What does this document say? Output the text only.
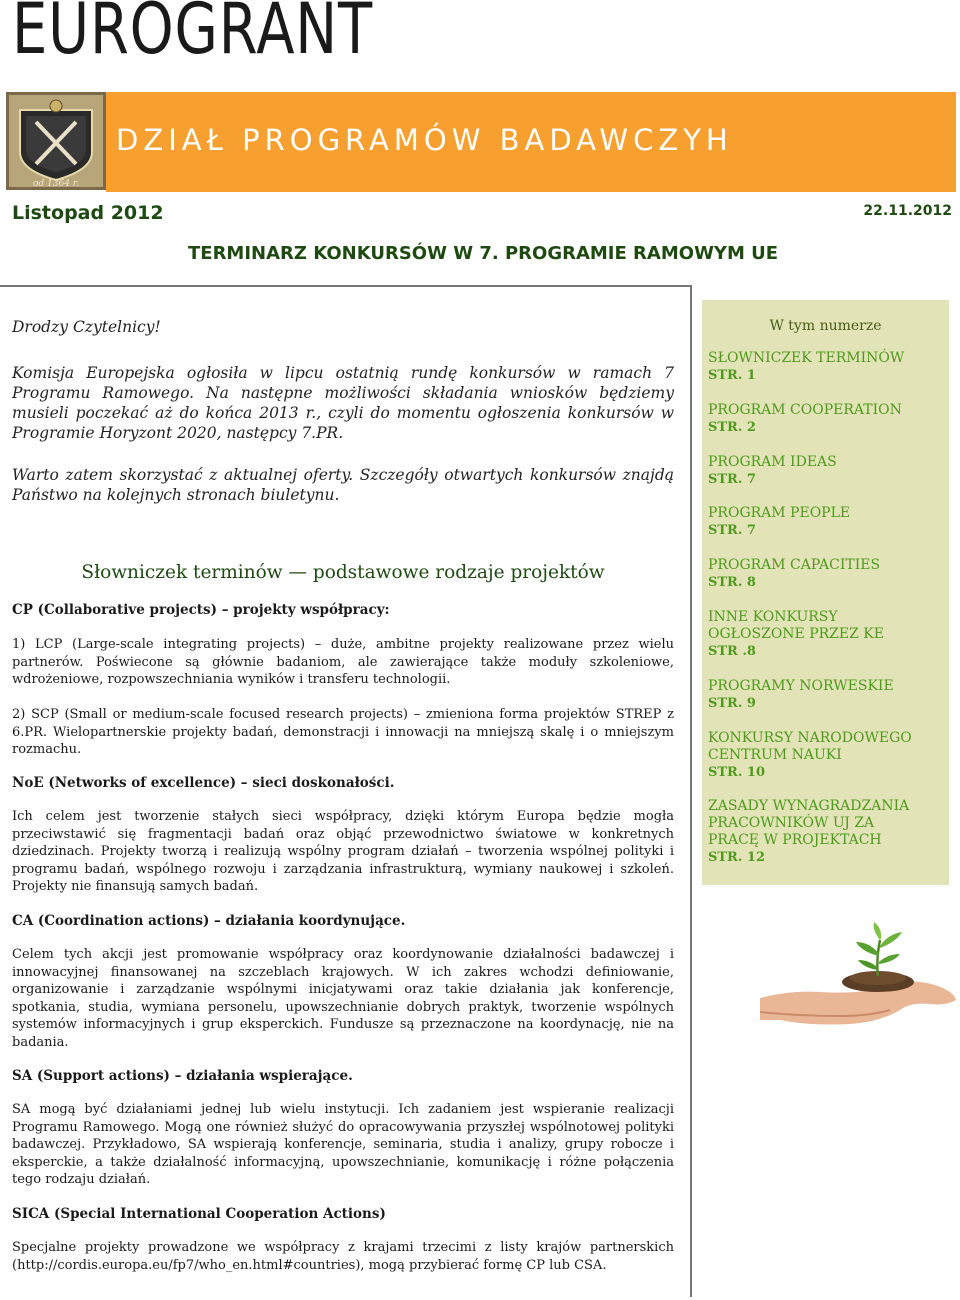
EUROGRANT
DZIAŁ PROGRAMÓW BADAWCZYH
od 1364 r.
Listopad 2012	22.11.2012
TERMINARZ KONKURSÓW W 7. PROGRAMIE RAMOWYM UE
Drodzy Czytelnicy!

Komisja Europejska ogłosiła w lipcu ostatnią rundę konkursów w ramach 7 Programu Ramowego. Na następne możliwości składania wniosków będziemy musieli poczekać aż do końca 2013 r., czyli do momentu ogłoszenia konkursów w Programie Horyzont 2020, następcy 7.PR.

Warto zatem skorzystać z aktualnej oferty. Szczegóły otwartych konkursów znajdą Państwo na kolejnych stronach biuletynu.

Słowniczek terminów — podstawowe rodzaje projektów
CP (Collaborative projects) – projekty współpracy:

1) LCP (Large-scale integrating projects) – duże, ambitne projekty realizowane przez wielu partnerów. Poświecone są głównie badaniom, ale zawierające także moduły szkoleniowe, wdrożeniowe, rozpowszechniania wyników i transferu technologii.

2) SCP (Small or medium-scale focused research projects) – zmieniona forma projektów STREP z 6.PR. Wielopartnerskie projekty badań, demonstracji i innowacji na mniejszą skalę i o mniejszym rozmachu.

NoE (Networks of excellence) – sieci doskonałości.

Ich celem jest tworzenie stałych sieci współpracy, dzięki którym Europa będzie mogła przeciwstawić się fragmentacji badań oraz objąć przewodnictwo światowe w konkretnych dziedzinach. Projekty tworzą i realizują wspólny program działań – tworzenia wspólnej polityki i programu badań, wspólnego rozwoju i zarządzania infrastrukturą, wymiany naukowej i szkoleń. Projekty nie finansują samych badań.

CA (Coordination actions) – działania koordynujące.

Celem tych akcji jest promowanie współpracy oraz koordynowanie działalności badawczej i innowacyjnej finansowanej na szczeblach krajowych. W ich zakres wchodzi definiowanie, organizowanie i zarządzanie wspólnymi inicjatywami oraz takie działania jak konferencje, spotkania, studia, wymiana personelu, upowszechnianie dobrych praktyk, tworzenie wspólnych systemów informacyjnych i grup eksperckich. Fundusze są przeznaczone na koordynację, nie na badania.

SA (Support actions) – działania wspierające.

SA mogą być działaniami jednej lub wielu instytucji. Ich zadaniem jest wspieranie realizacji Programu Ramowego. Mogą one również służyć do opracowywania przyszłej wspólnotowej polityki badawczej. Przykładowo, SA wspierają konferencje, seminaria, studia i analizy, grupy robocze i eksperckie, a także działalność informacyjną, upowszechnianie, komunikację i różne połączenia tego rodzaju działań.

SICA (Special International Cooperation Actions)

Specjalne projekty prowadzone we współpracy z krajami trzecimi z listy krajów partnerskich (http://cordis.europa.eu/fp7/who_en.html#countries), mogą przybierać formę CP lub CSA.

W tym numerze
SŁOWNICZEK TERMINÓW
STR. 1
PROGRAM COOPERATION
STR. 2
PROGRAM IDEAS
STR. 7
PROGRAM PEOPLE
STR. 7
PROGRAM CAPACITIES
STR. 8
INNE KONKURSY OGŁOSZONE PRZEZ KE
STR .8
PROGRAMY NORWESKIE
STR. 9
KONKURSY NARODOWEGO CENTRUM NAUKI
STR. 10
ZASADY WYNAGRADZANIA PRACOWNIKÓW UJ ZA PRACĘ W PROJEKTACH
STR. 12
